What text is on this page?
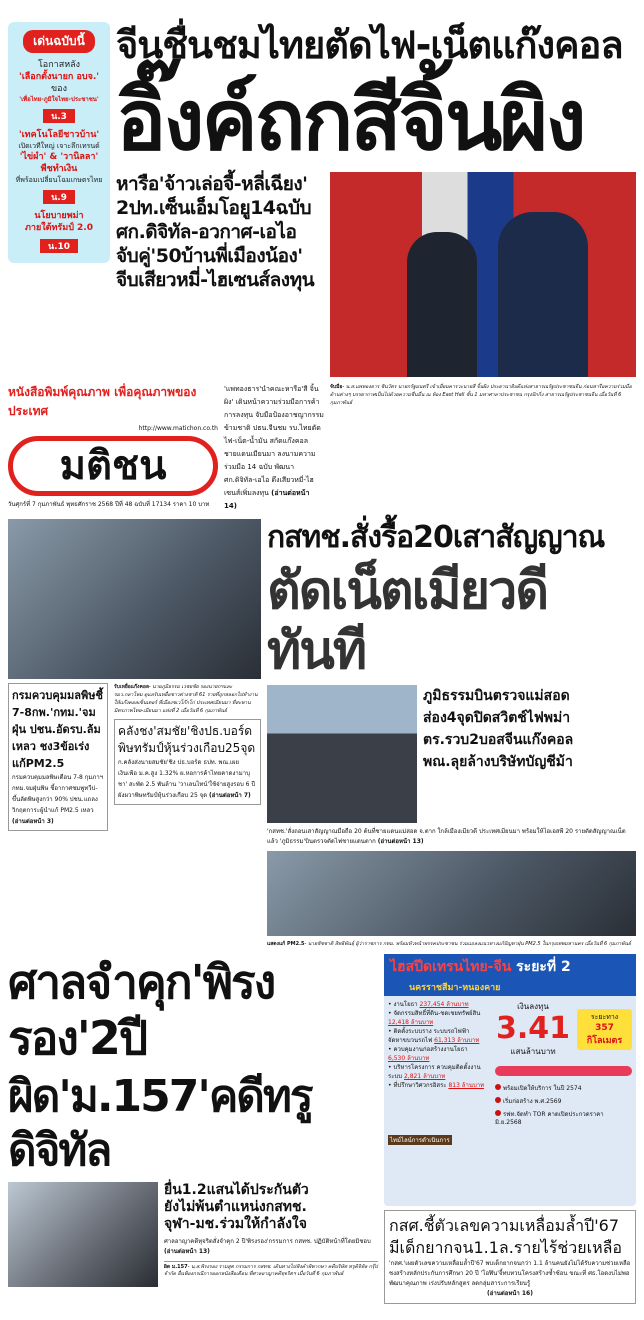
เด่นฉบับนี้
โอกาสหลัง
'เลือกตั้งนายก อบจ.'
ของ
'เพื่อไทย-ภูมิใจไทย-ประชาชน'
น.3
'เทคโนโลยีชาวบ้าน'
เปิดเวทีใหญ่ เจาะลึกเทรนด์
'ไข่ผำ' & 'วานิลลา'
พืชทำเงิน
ที่พร้อมเปลี่ยนโฉมเกษตรไทย
น.9
นโยบายพม่า
ภายใต้ทรัมป์ 2.0
น.10
จีนชื่นชมไทยตัดไฟ-เน็ตแก๊งคอล
อิ๊งค์ถกสีจิ้นผิง
หารือ'จ้าวเล่อจี้-หลี่เฉียง'
2ปท.เซ็นเอ็มโอยู14ฉบับ
ศก.ดิจิทัล-อวกาศ-เอไอ
จับคู่'50บ้านพี่เมืองน้อง'
จีบเสียวหมี่-ไฮเซนส์ลงทุน
หนังสือพิมพ์คุณภาพ เพื่อคุณภาพของประเทศ
http://www.matichon.co.th
มติชน
วันศุกร์ที่ 7 กุมภาพันธ์ พุทธศักราช 2568 ปีที่ 48 ฉบับที่ 17134 ราคา 10 บาท
'แพทองธาร'นำคณะหารือ'สี จิ้นผิง' เดินหน้าความร่วมมือการค้า การลงทุน จับมือป้องอาชญากรรมข้ามชาติ ปธน.จีนชม รบ.ไทยตัดไฟ-เน็ต-น้ำมัน สกัดแก๊งคอลชายแดนเมียนมา ลงนามความร่วมมือ 14 ฉบับ พัฒนา ศก.ดิจิทัล-เอไอ ดึงเสียวหมี่-ไฮเซนส์เพิ่มลงทุน (อ่านต่อหน้า 14)
จับมือ- น.ส.แพทองธาร ชินวัตร นายกรัฐมนตรี เข้าเยี่ยมคารวะนายสี จิ้นผิง ประธานาธิบดีแห่งสาธารณรัฐประชาชนจีน ก่อนหารือความร่วมมือด้านต่างๆ บรรยากาศเป็นไปด้วยความชื่นมื่น ณ ห้อง East Hall ชั้น 1 มหาศาลาประชาชน กรุงปักกิ่ง สาธารณรัฐประชาชนจีน เมื่อวันที่ 6 กุมภาพันธ์
กรมควบคุมมลพิษชี้ 7-8กพ.'กทม.'จมฝุ่น ปชน.อัดรบ.ล้มเหลว ชง3ข้อเร่งแก้PM2.5
กรมควบคุมมลพิษเตือน 7-8 กุมภาฯ กทม.จมฝุ่นพิษ ชี้อากาศชมพูทวีป-ขึ้นลัดพิษสูงกว่า 90% ปชน.แถลงวิกฤตการะผู้นำแก้ PM2.5 เหลว (อ่านต่อหน้า 3)
รับเหยื่อแก๊งคอล- นายภูมิธรรม เวชยชัย รองนายกฯและ รมว.กลาโหม ดูแลรับเหยื่อชาวต่างชาติ 61 รายที่ถูกหลอกไปทำงานให้แก๊งคอลเซ็นเตอร์ ที่เมืองชเวโก๊กโก่ ประเทศเมียนมา ที่สะพานมิตรภาพไทย-เมียนมา แห่งที่ 2 เมื่อวันที่ 6 กุมภาพันธ์
คลังชง'สมชัย'ชิงปธ.บอร์ด พิษทรัมป์หุ้นร่วงเกือบ25จุด
ก.คลังส่งนายสมชัย'ชิง ปธ.บอร์ด ธปท. พณ.เผยเงินเฟ้อ ม.ค.สูง 1.32% ผ.หอการค้าไทยคาดงามาบุชา' สะพัด 2.5 พันล้าน 'วาเลนไทน์'ใช้จ่ายสูงรอบ 6 ปี ผังผวาพิษทรัมป์หุ้นร่วงเกือบ 25 จุด (อ่านต่อหน้า 7)
กสทช.สั่งรื้อ20เสาสัญญาณ
ตัดเน็ตเมียวดีทันที
ภูมิธรรมบินตรวจแม่สอด
ส่อง4จุดปิดสวิตช์ไฟพม่า
ตร.รวบ2บอสจีนแก๊งคอล
พณ.ลุยล้างบริษัทบัญชีม้า
'กสทช.'สั่งถอนเสาสัญญาณมือถือ 20 ต้นที่ชายแดนแม่สอด จ.ตาก ใกล้เมืองเมียวดี ประเทศเมียนมา พร้อมให้ไอเอสพี 20 รายตัดสัญญาณเน็ตแล้ว 'ภูมิธรรม'บินตรวจตัดไฟชายแดนตาก (อ่านต่อหน้า 13)
แสดงแก้ PM2.5- นายชัชชาติ สิทธิพันธุ์ ผู้ว่าราชการ กทม. พร้อมหัวหน้าพรรคประชาชน ร่วมแถลงแนวทางแก้ปัญหาฝุ่น PM2.5 ในกรุงเทพมหานคร เมื่อวันที่ 6 กุมภาพันธ์
ศาลจำคุก'พิรงรอง'2ปี
ผิด'ม.157'คดีทรูดิจิทัล
ยื่น1.2แสนได้ประกันตัว
ยังไม่พ้นตำแหน่งกสทช.
จุฬา-มช.ร่วมให้กำลังใจ
ศาลอาญาคดีทุจริตสั่งจำคุก 2 ปี'พิรงรอง'กรรมการ กสทช. ปฏิบัติหน้าที่โดยมิชอบ (อ่านต่อหน้า 13)
ผิด ม.157- น.ส.พิรงรอง รามสูต กรรมการ กสทช. เดินทางไปฟังคำพิพากษา คดีบริษัท ทรูดิจิทัล กรุ๊ป จำกัด ยื่นฟ้องกรณีการออกหนังสือเตือน ที่ศาลอาญาคดีทุจริตฯ เมื่อวันที่ 6 กุมภาพันธ์
ไฮสปีดเทรนไทย-จีน ระยะที่ 2
นครราชสีมา-หนองคาย
• งานโยธา 237,454 ล้านบาท
• จัดกรรมสิทธิ์ที่ดิน-ชดเชยทรัพย์สิน 12,418 ล้านบาท
• ติดตั้งระบบราง ระบบรถไฟฟ้า จัดหาขบวนรถไฟ 61,313 ล้านบาท
• ควบคุมงานก่อสร้างงานโยธา 6,530 ล้านบาท
• บริหารโครงการ ควบคุมติดตั้งงานระบบ 2,821 ล้านบาท
• ที่ปรึกษาวิศวกรอิสระ 813 ล้านบาท
เงินลงทุน
3.41
แสนล้านบาท
ระยะทาง
357 กิโลเมตร
พร้อมเปิดให้บริการ ในปี 2574
เริ่มก่อสร้าง พ.ศ.2569
รฟท.จัดทำ TOR คาดเปิดประกวดราคา มิ.ย.2568
ไทม์ไลน์การดำเนินการ
กสศ.ชี้ตัวเลขความเหลื่อมล้ำปี'67
มีเด็กยากจน1.1ล.รายไร้ช่วยเหลือ
'กสศ.'เผยตัวเลขความเหลื่อมล้ำปี'67 พบเด็กยากจนกว่า 1.1 ล้านคนยังไม่ได้รับความช่วยเหลือ ชงสร้างหลักประกันการศึกษา 20 ปี 'โอฬิน'จี้ทบทวนโครงสร้างซ้ำซ้อน ขณะที่ ศธ.โอดงบไม่พอพัฒนาคุณภาพ เร่งปรับหลักสูตร ลดกลุ่มสาระการเรียนรู้
(อ่านต่อหน้า 16)
